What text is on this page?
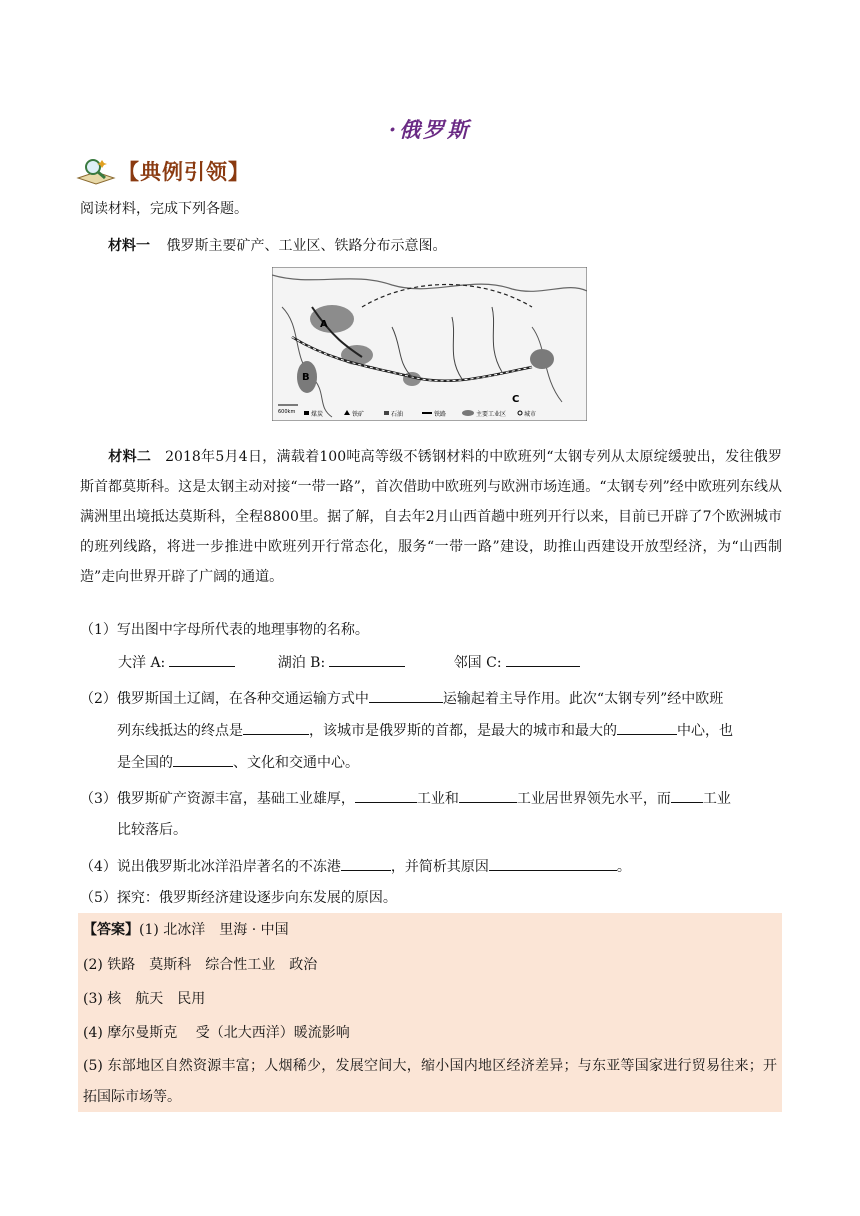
·俄罗斯
【典例引领】
阅读材料，完成下列各题。
材料一 俄罗斯主要矿产、工业区、铁路分布示意图。
A
B
C
600km	煤炭	铁矿	石油	铁路	主要工业区	城市
材料二 2018年5月4日，满载着100吨高等级不锈钢材料的中欧班列“太钢专列从太原绽缓驶出，发往俄罗斯首都莫斯科。这是太钢主动对接“一带一路”，首次借助中欧班列与欧洲市场连通。“太钢专列”经中欧班列东线从满洲里出境抵达莫斯科，全程8800里。据了解，自去年2月山西首趟中班列开行以来，目前已开辟了7个欧洲城市的班列线路，将进一步推进中欧班列开行常态化，服务“一带一路”建设，助推山西建设开放型经济，为“山西制造”走向世界开辟了广阔的通道。
（1）写出图中字母所代表的地理事物的名称。
大洋 A:	湖泊 B:	邻国 C:
（2）俄罗斯国土辽阔，在各种交通运输方式中	运输起着主导作用。此次“太钢专列”经中欧班
列东线抵达的终点是	，该城市是俄罗斯的首都，是最大的城市和最大的	中心，也
是全国的	、文化和交通中心。
（3）俄罗斯矿产资源丰富，基础工业雄厚，	工业和	工业居世界领先水平，而 工业
比较落后。
（4）说出俄罗斯北冰洋沿岸著名的不冻港	，并简析其原因	。
（5）探究：俄罗斯经济建设逐步向东发展的原因。
【答案】(1) 北冰洋　里海 · 中国
(2) 铁路　莫斯科　综合性工业　政治
(3) 核　航天　民用
(4) 摩尔曼斯克　 受（北大西洋）暖流影响
(5) 东部地区自然资源丰富；人烟稀少，发展空间大，缩小国内地区经济差异；与东亚等国家进行贸易往来；开拓国际市场等。
